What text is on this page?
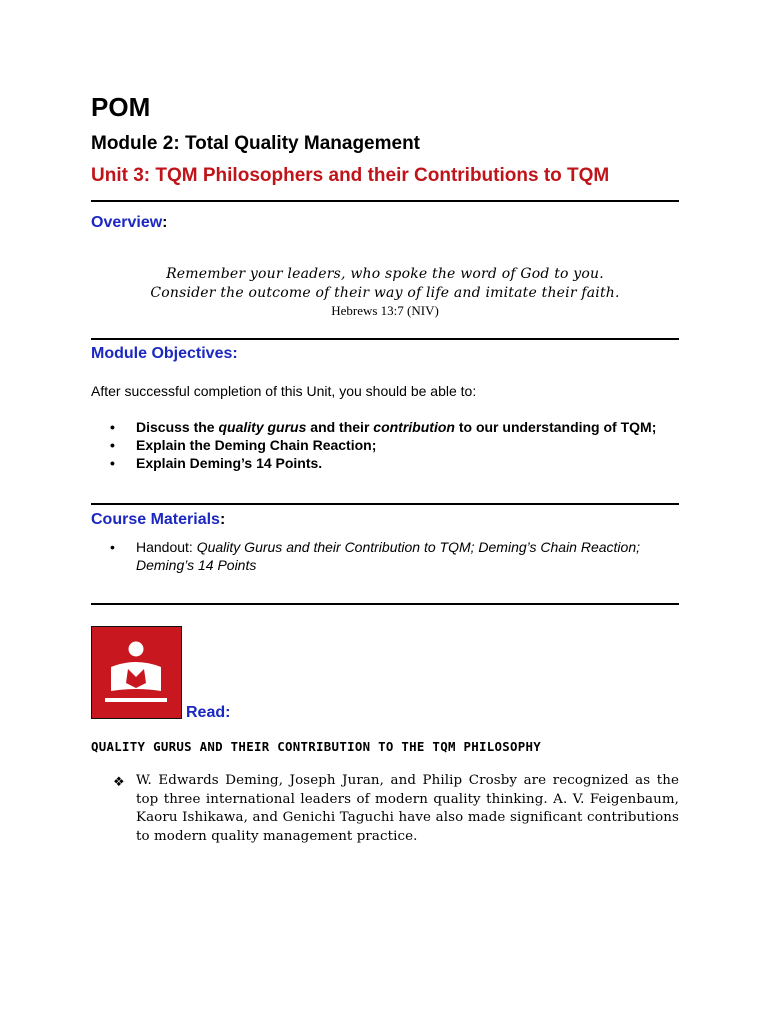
POM
Module 2: Total Quality Management
Unit 3: TQM Philosophers and their Contributions to TQM
Overview:
Remember your leaders, who spoke the word of God to you.
Consider the outcome of their way of life and imitate their faith.
Hebrews 13:7 (NIV)
Module Objectives:

After successful completion of this Unit, you should be able to:

• Discuss the quality gurus and their contribution to our understanding of TQM;
• Explain the Deming Chain Reaction;
• Explain Deming’s 14 Points.
Course Materials:
• Handout: Quality Gurus and their Contribution to TQM; Deming’s Chain Reaction; Deming’s 14 Points
Read:
QUALITY GURUS AND THEIR CONTRIBUTION TO THE TQM PHILOSOPHY
❖ W. Edwards Deming, Joseph Juran, and Philip Crosby are recognized as the top three international leaders of modern quality thinking. A. V. Feigenbaum, Kaoru Ishikawa, and Genichi Taguchi have also made significant contributions to modern quality management practice.
